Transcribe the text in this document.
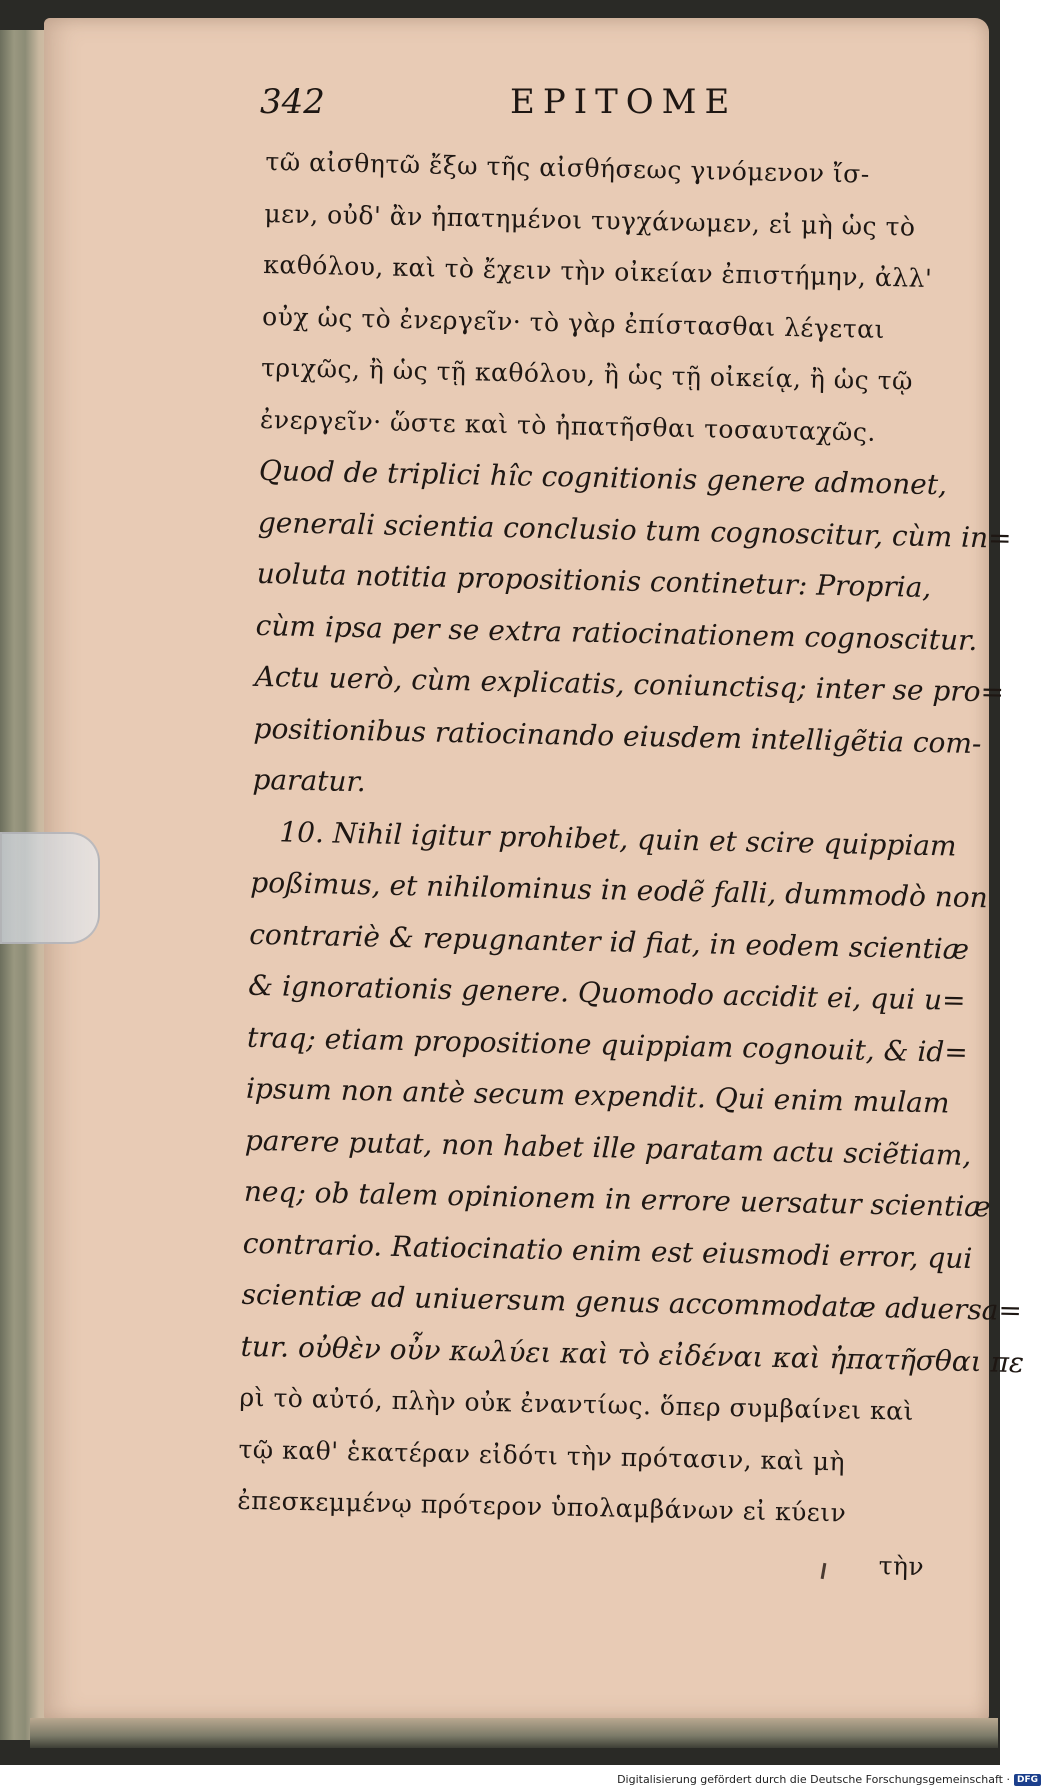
342	EPITOME
τῶ αἰσθητῶ ἔξω τῆς αἰσθήσεως γινόμενον ἴσ-
μεν, οὐδ' ἂν ἠπατημένοι τυγχάνωμεν, εἰ μὴ ὡς τὸ
καθόλου, καὶ τὸ ἔχειν τὴν οἰκείαν ἐπιστήμην, ἀλλ'
οὐχ ὡς τὸ ἐνεργεῖν· τὸ γὰρ ἐπίστασθαι λέγεται
τριχῶς, ἢ ὡς τῇ καθόλου, ἢ ὡς τῇ οἰκείᾳ, ἢ ὡς τῷ
ἐνεργεῖν· ὥστε καὶ τὸ ἠπατῆσθαι τοσαυταχῶς.
Quod de triplici hîc cognitionis genere admonet,
generali scientia conclusio tum cognoscitur, cùm in=
uoluta notitia propositionis continetur: Propria,
cùm ipsa per se extra ratiocinationem cognoscitur.
Actu uerò, cùm explicatis, coniunctisq; inter se pro=
positionibus ratiocinando eiusdem intelligẽtia com-
paratur.
10. Nihil igitur prohibet, quin et scire quippiam
poßimus, et nihilominus in eodẽ falli, dummodò non
contrariè & repugnanter id fiat, in eodem scientiæ
& ignorationis genere. Quomodo accidit ei, qui u=
traq; etiam propositione quippiam cognouit, & id=
ipsum non antè secum expendit. Qui enim mulam
parere putat, non habet ille paratam actu sciẽtiam,
neq; ob talem opinionem in errore uersatur scientiæ
contrario. Ratiocinatio enim est eiusmodi error, qui
scientiæ ad uniuersum genus accommodatæ aduersa=
tur. οὐθὲν οὖν κωλύει καὶ τὸ εἰδέναι καὶ ἠπατῆσθαι πε
ρὶ τὸ αὐτό, πλὴν οὐκ ἐναντίως. ὅπερ συμβαίνει καὶ
τῷ καθ' ἑκατέραν εἰδότι τὴν πρότασιν, καὶ μὴ
ἐπεσκεμμένῳ πρότερον ὑπολαμβάνων εἰ κύειν
τὴν
Digitalisierung gefördert durch die Deutsche Forschungsgemeinschaft · DFG
